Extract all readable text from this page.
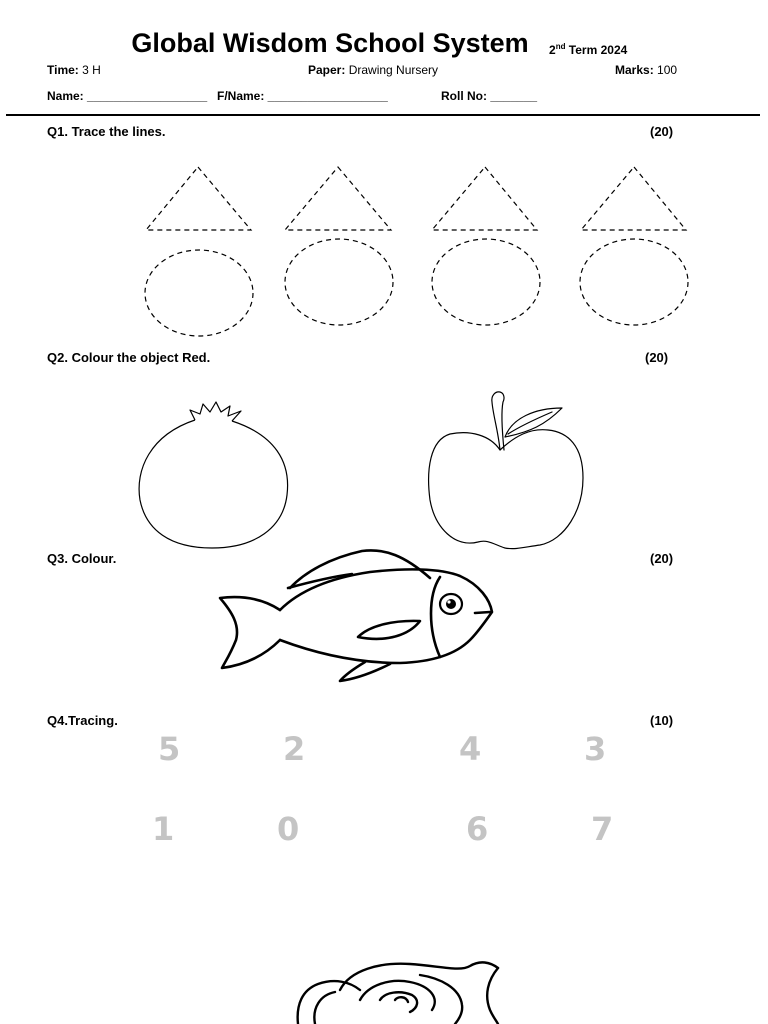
Global Wisdom School System	2nd Term 2024
Time: 3 H	Paper: Drawing Nursery	Marks: 100
Name: __________________ F/Name: __________________	Roll No: _______
Q1. Trace the lines.	(20)
Q2. Colour the object Red.	(20)
Q3. Colour.	(20)
Q4.Tracing.	(10)
5	2	4	3
1	0	6	7
